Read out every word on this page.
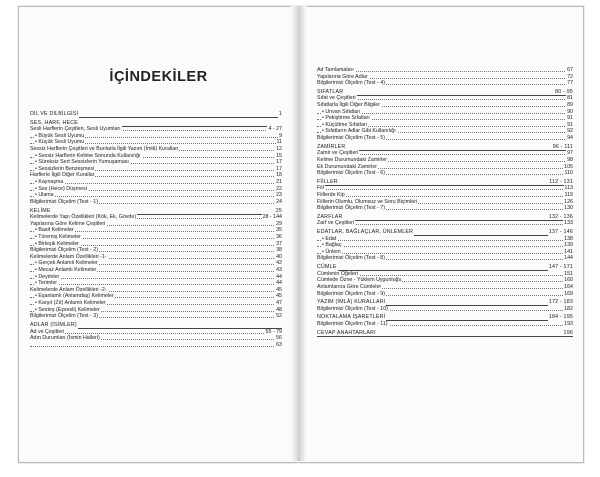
İÇİNDEKİLER
DİL VE DİLBİLGİSİ	1
SES, HARF, HECE
Sesli Harflerin Çeşitleri, Sesli Uyumları	4 - 27
• Büyük Sesli Uyumu	9
• Küçük Sesli Uyumu	11
Sessiz Harflerin Çeşitleri ve Bunlarla İlgili Yazım (İmlâ) Kuralları	12
• Sessiz Harflerin Kelime Sonunda Kullanılığı	15
• Süreksiz Sert Sessizlerin Yumuşaması	17
• Sessizlerin Benzeşmesi	17
Harflerle İlgili Diğer Kurallar	18
• Kaynaşma	21
• Ses (Hece) Düşmesi	22
• Ulama	23
Bilgilerimizi Ölçelim (Test - 1)	24
KELİME	25
Kelimelerde Yapı Özellikleri (Kök, Ek, Gövde)	28 - 144
Yapılarına Göre Kelime Çeşitleri	29
• Basit Kelimeler	35
• Türemiş Kelimeler	36
• Birleşik Kelimeler	37
Bilgilerimizi Ölçelim (Test - 2)	38
Kelimelerde Anlam Özellikleri -1-	40
• Gerçek Anlamlı Kelimeler	42
• Mecaz Anlamlı Kelimeler	43
• Deyimler	44
• Terimler	44
Kelimelerde Anlam Özellikleri -2-	45
• Eşanlamlı (Anlamdaş) Kelimeler	45
• Karşıt (Zıt) Anlamlı Kelimeler	47
• Sesteş (Eşsesli) Kelimeler	48
Bilgilerimizi Ölçelim (Test - 3)	52
ADLAR (İSİMLER)
Ad ve Çeşitleri	55 - 79
Adın Durumları (İsmin Halleri)	56
63
Ad Tamlamaları	67
Yapılarına Göre Adlar	72
Bilgilerimizi Ölçelim (Test - 4)	77
SIFATLAR	80 - 95
Sıfat ve Çeşitleri	81
Sıfatlarla İlgili Diğer Bilgiler	89
• Unvan Sıfatları	90
• Pekiştirme Sıfatları	91
• Küçültme Sıfatları	91
• Sıfatların Adlar Gibi Kullanılığı	92
Bilgilerimizi Ölçelim (Test - 5)	94
ZAMİRLER	96 - 111
Zamir ve Çeşitleri	97
Kelime Durumundaki Zamirler	98
Ek Durumundaki Zamirler	105
Bilgilerimizi Ölçelim (Test - 6)	110
FİİLLER	112 - 131
Fiil	113
Fiillerde Kip	119
Fiillerin Olumlu, Olumsuz ve Soru Biçimleri	126
Bilgilerimizi Ölçelim (Test - 7)	130
ZARFLAR	132 - 136
Zarf ve Çeşitleri	133
EDATLAR, BAĞLAÇLAR, ÜNLEMLER	137 - 146
• Edat	138
• Bağlaç	139
• Ünlem	141
Bilgilerimizi Ölçelim (Test - 8)	144
CÜMLE	147 - 171
Cümlenin Öğeleri	151
Cümlede Özne - Yüklem Uygunluğu	160
Anlamlarına Göre Cümleler	164
Bilgilerimizi Ölçelim (Test - 9)	169
YAZIM (İMLÂ) KURALLARI	172 - 183
Bilgilerimizi Ölçelim (Test - 10)	182
NOKTALAMA İŞARETLERİ	184 - 195
Bilgilerimizi Ölçelim (Test - 11)	193
CEVAP ANAHTARLARI	196
